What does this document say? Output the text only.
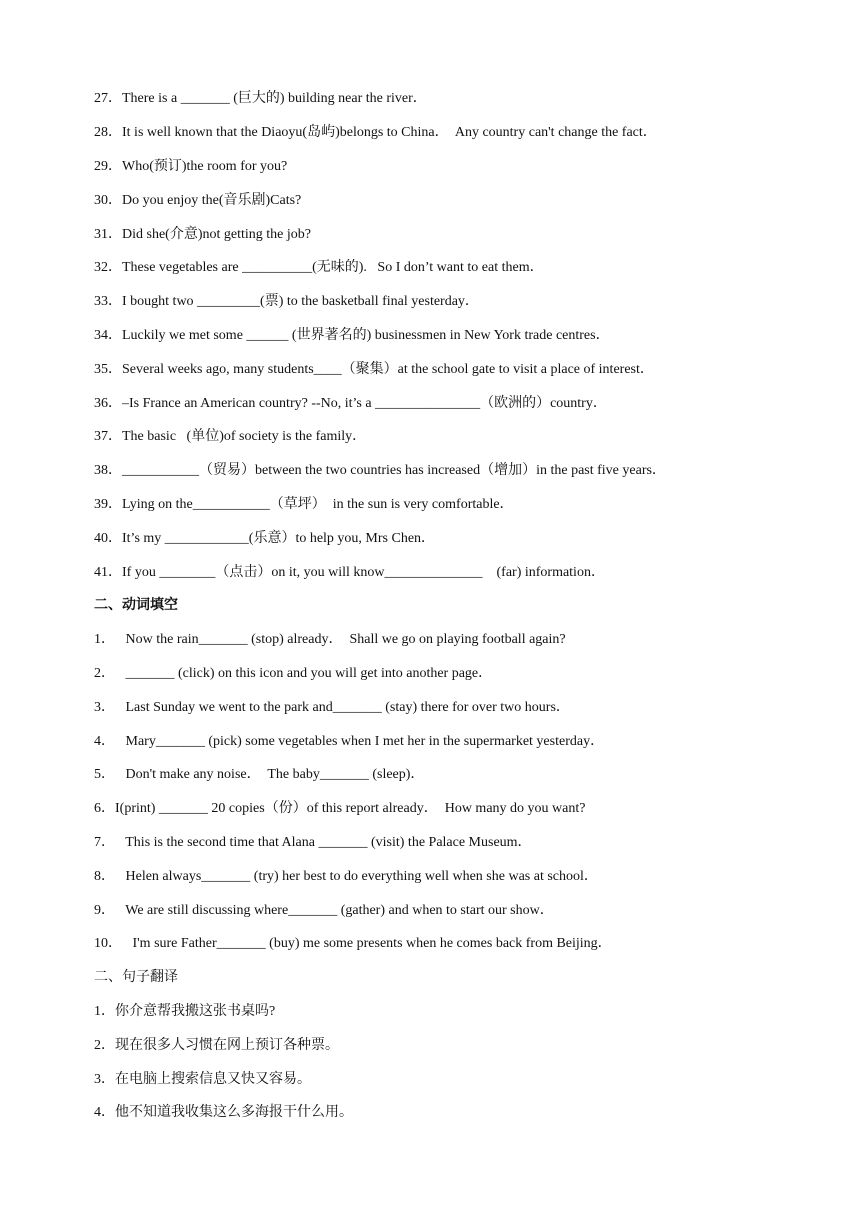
27．There is a _______ (巨大的) building near the river．
28．It is well known that the Diaoyu(岛屿)belongs to China．  Any country can't change the fact．
29．Who(预订)the room for you?
30．Do you enjoy the(音乐剧)Cats?
31．Did she(介意)not getting the job?
32．These vegetables are __________(无味的).   So I don’t want to eat them．
33．I bought two _________(票) to the basketball final yesterday．
34．Luckily we met some ______ (世界著名的) businessmen in New York trade centres．
35．Several weeks ago, many students____（聚集）at the school gate to visit a place of interest．
36．–Is France an American country? --No, it’s a _______________（欧洲的）country．
37．The basic   (单位)of society is the family．
38．___________（贸易）between the two countries has increased（增加）in the past five years．
39．Lying on the___________（草坪）  in the sun is very comfortable．
40．It’s my ____________(乐意）to help you, Mrs Chen．
41．If you ________（点击）on it, you will know______________    (far) information．
二、动词填空
1．   Now the rain_______ (stop) already．  Shall we go on playing football again?
2．   _______ (click) on this icon and you will get into another page．
3．   Last Sunday we went to the park and_______ (stay) there for over two hours．
4．   Mary_______ (pick) some vegetables when I met her in the supermarket yesterday．
5．   Don't make any noise．  The baby_______ (sleep)．
6．I(print) _______ 20 copies（份）of this report already．  How many do you want?
7．   This is the second time that Alana _______ (visit) the Palace Museum．
8．   Helen always_______ (try) her best to do everything well when she was at school．
9．   We are still discussing where_______ (gather) and when to start our show．
10．   I'm sure Father_______ (buy) me some presents when he comes back from Beijing．
二、句子翻译
1．你介意帮我搬这张书桌吗?
2．现在很多人习惯在网上预订各种票。
3．在电脑上搜索信息又快又容易。
4．他不知道我收集这么多海报干什么用。
